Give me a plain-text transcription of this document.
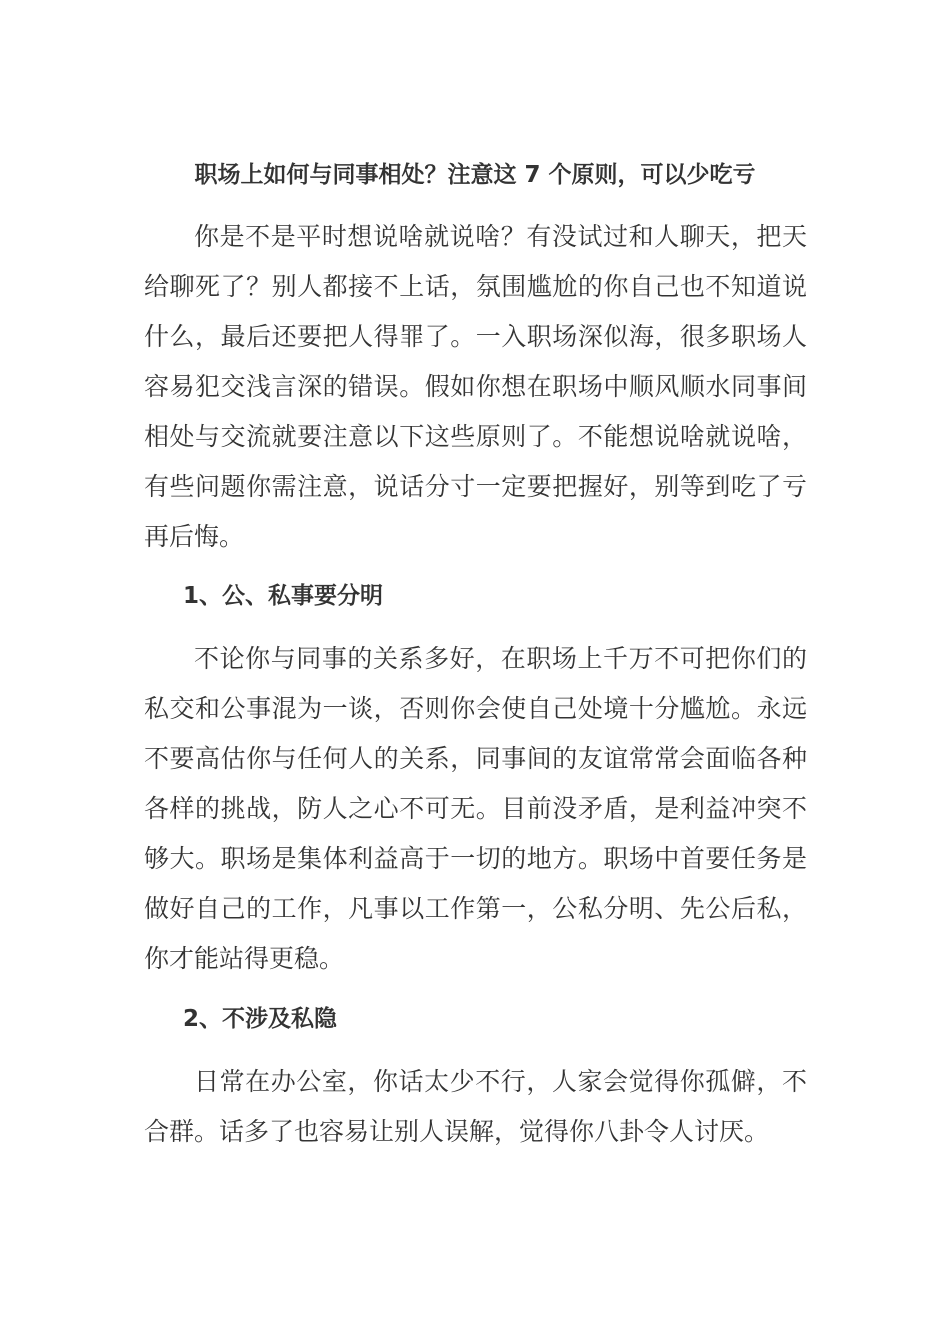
职场上如何与同事相处？注意这 7 个原则，可以少吃亏

你是不是平时想说啥就说啥？有没试过和人聊天，把天给聊死了？别人都接不上话，氛围尴尬的你自己也不知道说什么，最后还要把人得罪了。一入职场深似海，很多职场人容易犯交浅言深的错误。假如你想在职场中顺风顺水同事间相处与交流就要注意以下这些原则了。不能想说啥就说啥，有些问题你需注意，说话分寸一定要把握好，别等到吃了亏再后悔。

1、公、私事要分明

不论你与同事的关系多好，在职场上千万不可把你们的私交和公事混为一谈，否则你会使自己处境十分尴尬。永远不要高估你与任何人的关系，同事间的友谊常常会面临各种各样的挑战，防人之心不可无。目前没矛盾，是利益冲突不够大。职场是集体利益高于一切的地方。职场中首要任务是做好自己的工作，凡事以工作第一，公私分明、先公后私，你才能站得更稳。

2、不涉及私隐

日常在办公室，你话太少不行，人家会觉得你孤僻，不合群。话多了也容易让别人误解，觉得你八卦令人讨厌。
